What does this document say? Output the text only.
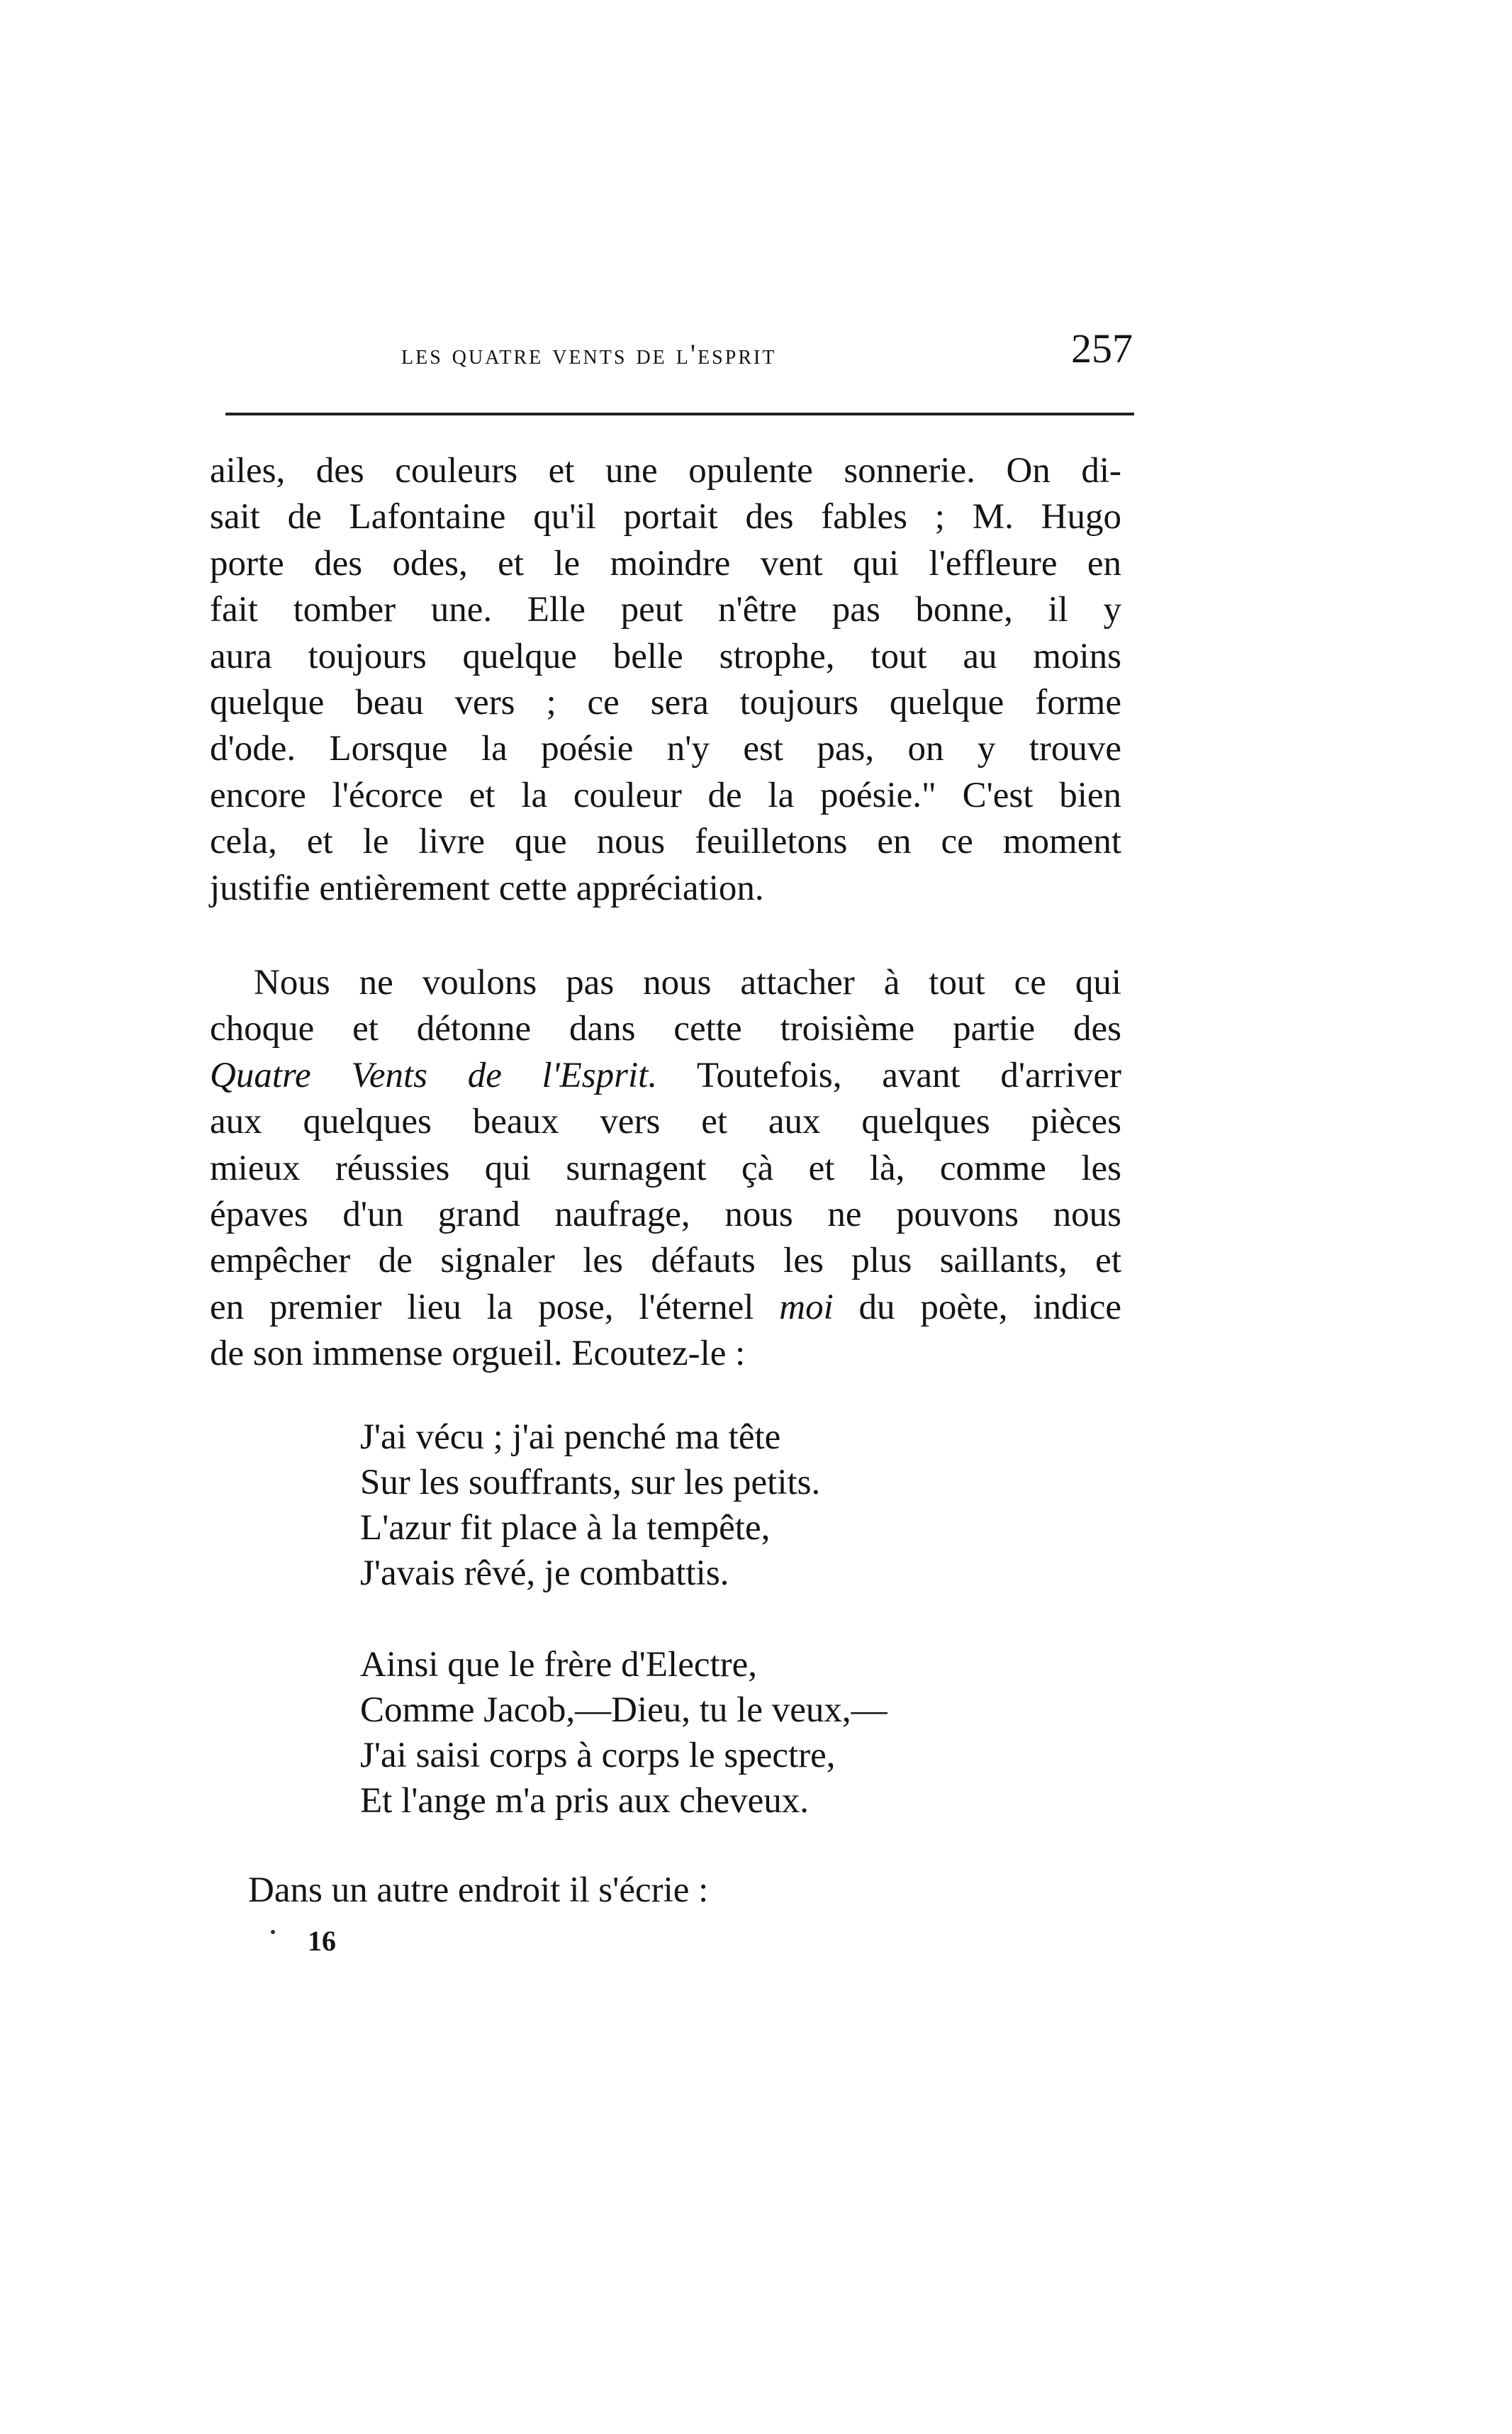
les quatre vents de l'esprit	257
ailes, des couleurs et une opulente sonnerie. On di-
sait de Lafontaine qu'il portait des fables ; M. Hugo
porte des odes, et le moindre vent qui l'effleure en
fait tomber une. Elle peut n'être pas bonne, il y
aura toujours quelque belle strophe, tout au moins
quelque beau vers ; ce sera toujours quelque forme
d'ode. Lorsque la poésie n'y est pas, on y trouve
encore l'écorce et la couleur de la poésie." C'est bien
cela, et le livre que nous feuilletons en ce moment
justifie entièrement cette appréciation.
Nous ne voulons pas nous attacher à tout ce qui
choque et détonne dans cette troisième partie des
Quatre Vents de l'Esprit. Toutefois, avant d'arriver
aux quelques beaux vers et aux quelques pièces
mieux réussies qui surnagent çà et là, comme les
épaves d'un grand naufrage, nous ne pouvons nous
empêcher de signaler les défauts les plus saillants, et
en premier lieu la pose, l'éternel moi du poète, indice
de son immense orgueil. Ecoutez-le :
J'ai vécu ; j'ai penché ma tête
Sur les souffrants, sur les petits.
L'azur fit place à la tempête,
J'avais rêvé, je combattis.
Ainsi que le frère d'Electre,
Comme Jacob,—Dieu, tu le veux,—
J'ai saisi corps à corps le spectre,
Et l'ange m'a pris aux cheveux.
Dans un autre endroit il s'écrie :
16
